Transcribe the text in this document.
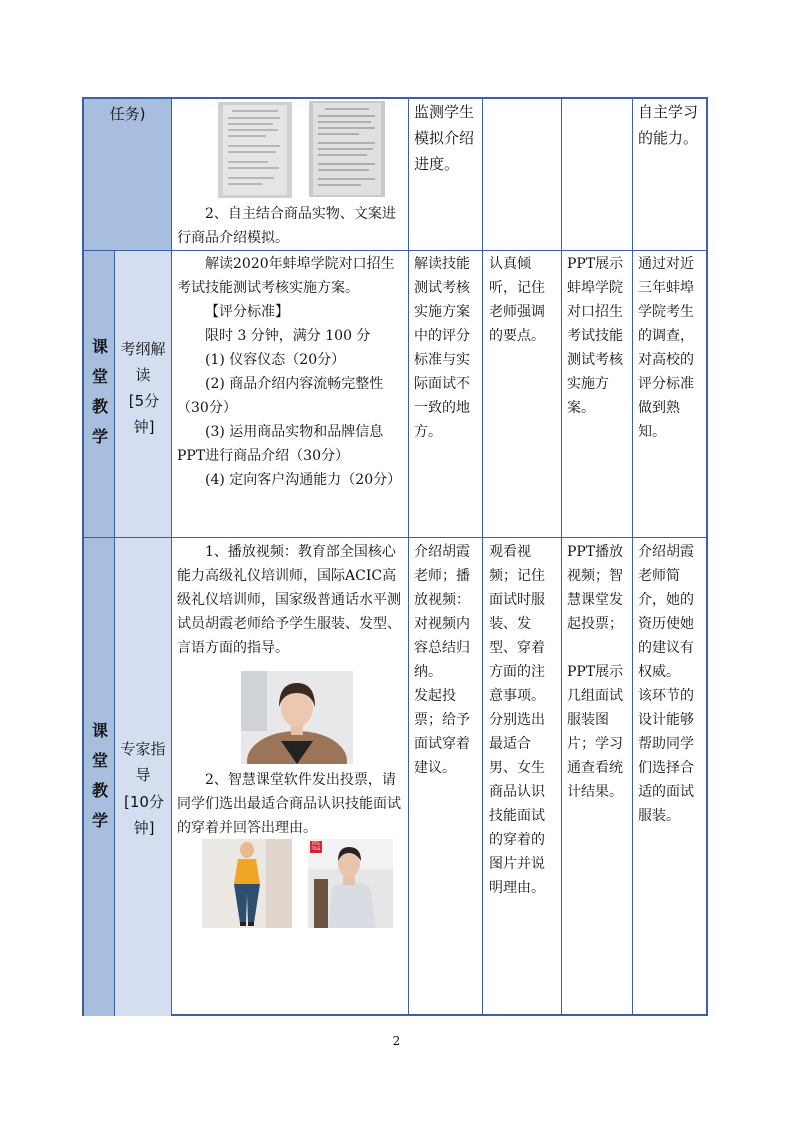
任务)
2、自主结合商品实物、文案进行商品介绍模拟。
监测学生模拟介绍进度。
自主学习的能力。
课堂教学
考纲解读
[5分钟]

解读2020年蚌埠学院对口招生考试技能测试考核实施方案。

【评分标准】

限时 3 分钟，满分 100 分

(1) 仪容仪态（20分）

(2) 商品介绍内容流畅完整性（30分）

(3) 运用商品实物和品牌信息PPT进行商品介绍（30分）

(4) 定向客户沟通能力（20分）

解读技能测试考核实施方案中的评分标准与实际面试不一致的地方。
认真倾听，记住老师强调的要点。
PPT展示蚌埠学院对口招生考试技能测试考核实施方案。
通过对近三年蚌埠学院考生的调查，对高校的评分标准做到熟知。
课堂教学
专家指导
[10分钟]
1、播放视频：教育部全国核心能力高级礼仪培训师，国际ACIC高级礼仪培训师，国家级普通话水平测试员胡霞老师给予学生服装、发型、言语方面的指导。
2、智慧课堂软件发出投票，请同学们选出最适合商品认识技能面试的穿着并回答出理由。
PTS TILE

介绍胡霞老师；播放视频：对视频内容总结归纳。

发起投票；给予面试穿着建议。

观看视频；记住面试时服装、发型、穿着方面的注意事项。

分别选出最适合男、女生商品认识技能面试的穿着的图片并说明理由。

PPT播放视频；智慧课堂发起投票；

PPT展示几组面试服装图片；学习通查看统计结果。

介绍胡霞老师简介，她的资历使她的建议有权威。

该环节的设计能够帮助同学们选择合适的面试服装。

2
